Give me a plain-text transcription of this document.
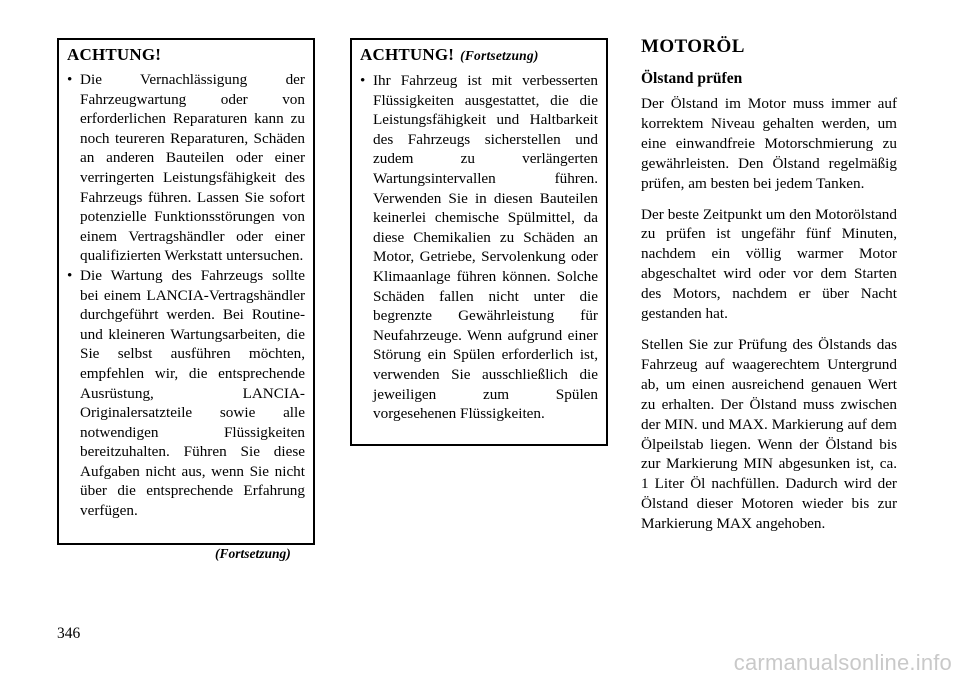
ACHTUNG!
• Die Vernachlässigung der Fahrzeugwartung oder von erforderlichen Reparaturen kann zu noch teureren Reparaturen, Schäden an anderen Bauteilen oder einer verringerten Leistungsfähigkeit des Fahrzeugs führen. Lassen Sie sofort potenzielle Funktionsstörungen von einem Vertragshändler oder einer qualifizierten Werkstatt untersuchen.
• Die Wartung des Fahrzeugs sollte bei einem LANCIA-Vertragshändler durchgeführt werden. Bei Routine- und kleineren Wartungsarbeiten, die Sie selbst ausführen möchten, empfehlen wir, die entsprechende Ausrüstung, LANCIA-Originalersatzteile sowie alle notwendigen Flüssigkeiten bereitzuhalten. Führen Sie diese Aufgaben nicht aus, wenn Sie nicht über die entsprechende Erfahrung verfügen.
(Fortsetzung)
ACHTUNG! (Fortsetzung)
• Ihr Fahrzeug ist mit verbesserten Flüssigkeiten ausgestattet, die die Leistungsfähigkeit und Haltbarkeit des Fahrzeugs sicherstellen und zudem zu verlängerten Wartungsintervallen führen. Verwenden Sie in diesen Bauteilen keinerlei chemische Spülmittel, da diese Chemikalien zu Schäden an Motor, Getriebe, Servolenkung oder Klimaanlage führen können. Solche Schäden fallen nicht unter die begrenzte Gewährleistung für Neufahrzeuge. Wenn aufgrund einer Störung ein Spülen erforderlich ist, verwenden Sie ausschließlich die jeweiligen zum Spülen vorgesehenen Flüssigkeiten.
MOTORÖL
Ölstand prüfen

Der Ölstand im Motor muss immer auf korrektem Niveau gehalten werden, um eine einwandfreie Motorschmierung zu gewährleisten. Den Ölstand regelmäßig prüfen, am besten bei jedem Tanken.

Der beste Zeitpunkt um den Motorölstand zu prüfen ist ungefähr fünf Minuten, nachdem ein völlig warmer Motor abgeschaltet wird oder vor dem Starten des Motors, nachdem er über Nacht gestanden hat.

Stellen Sie zur Prüfung des Ölstands das Fahrzeug auf waagerechtem Untergrund ab, um einen ausreichend genauen Wert zu erhalten. Der Ölstand muss zwischen der MIN. und MAX. Markierung auf dem Ölpeilstab liegen. Wenn der Ölstand bis zur Markierung MIN abgesunken ist, ca. 1 Liter Öl nachfüllen. Dadurch wird der Ölstand dieser Motoren wieder bis zur Markierung MAX angehoben.

346
carmanualsonline.info
